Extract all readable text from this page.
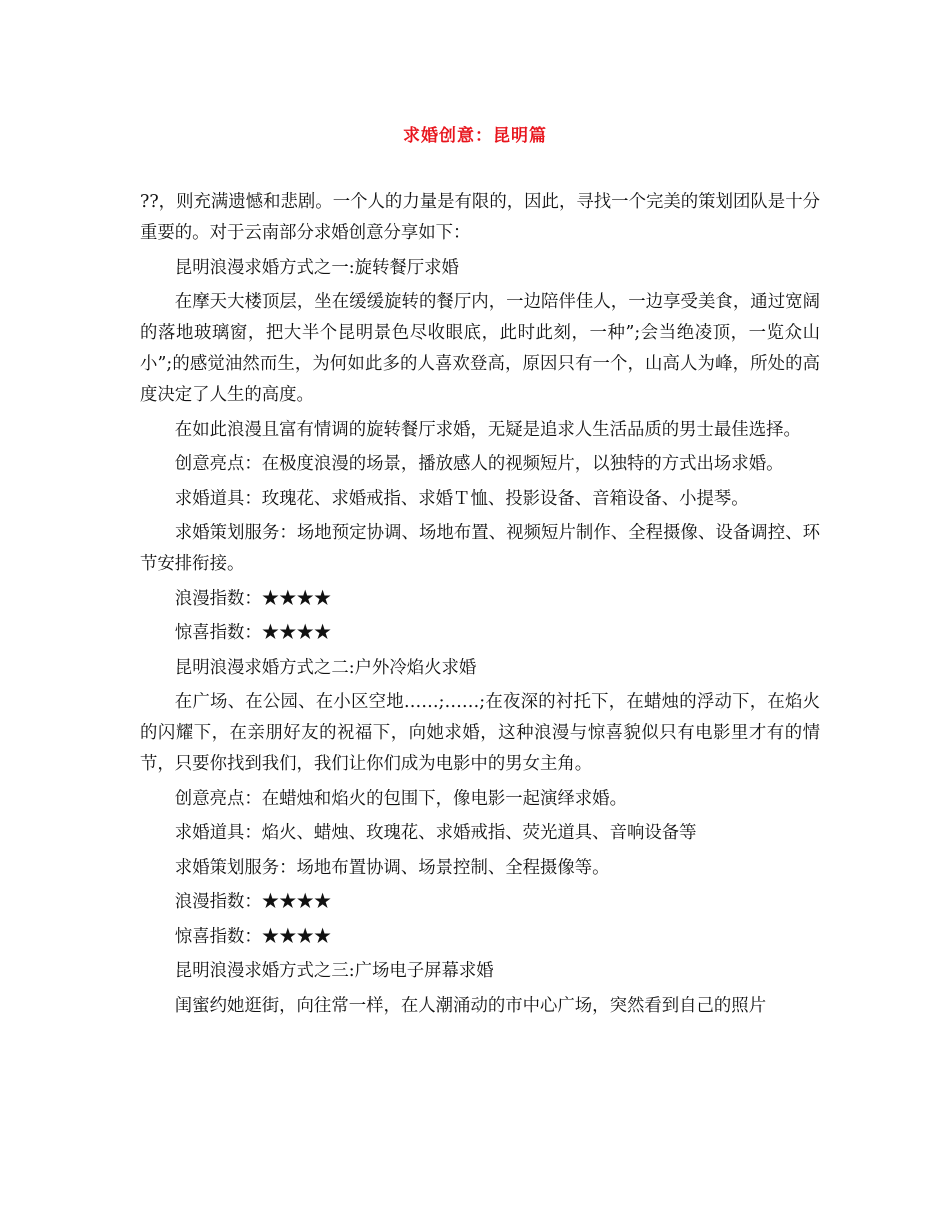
求婚创意：昆明篇

??，则充满遗憾和悲剧。一个人的力量是有限的，因此，寻找一个完美的策划团队是十分重要的。对于云南部分求婚创意分享如下：

昆明浪漫求婚方式之一:旋转餐厅求婚

在摩天大楼顶层，坐在缓缓旋转的餐厅内，一边陪伴佳人，一边享受美食，通过宽阔的落地玻璃窗，把大半个昆明景色尽收眼底，此时此刻，一种”;会当绝凌顶，一览众山小”;的感觉油然而生，为何如此多的人喜欢登高，原因只有一个，山高人为峰，所处的高度决定了人生的高度。

在如此浪漫且富有情调的旋转餐厅求婚，无疑是追求人生活品质的男士最佳选择。

创意亮点：在极度浪漫的场景，播放感人的视频短片，以独特的方式出场求婚。

求婚道具：玫瑰花、求婚戒指、求婚Ｔ恤、投影设备、音箱设备、小提琴。

求婚策划服务：场地预定协调、场地布置、视频短片制作、全程摄像、设备调控、环节安排衔接。

浪漫指数：★★★★

惊喜指数：★★★★

昆明浪漫求婚方式之二:户外冷焰火求婚

在广场、在公园、在小区空地……;……;在夜深的衬托下，在蜡烛的浮动下，在焰火的闪耀下，在亲朋好友的祝福下，向她求婚，这种浪漫与惊喜貌似只有电影里才有的情节，只要你找到我们，我们让你们成为电影中的男女主角。

创意亮点：在蜡烛和焰火的包围下，像电影一起演绎求婚。

求婚道具：焰火、蜡烛、玫瑰花、求婚戒指、荧光道具、音响设备等

求婚策划服务：场地布置协调、场景控制、全程摄像等。

浪漫指数：★★★★

惊喜指数：★★★★

昆明浪漫求婚方式之三:广场电子屏幕求婚

闺蜜约她逛街，向往常一样，在人潮涌动的市中心广场，突然看到自己的照片
